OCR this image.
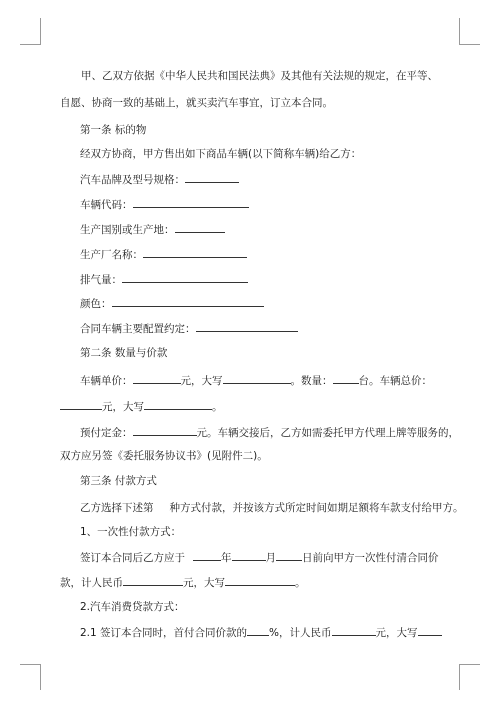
甲、乙双方依据《中华人民共和国民法典》及其他有关法规的规定，在平等、
自愿、协商一致的基础上，就买卖汽车事宜，订立本合同。
第一条 标的物
经双方协商，甲方售出如下商品车辆(以下简称车辆)给乙方：
汽车品牌及型号规格：
车辆代码：
生产国别或生产地：
生产厂名称：
排气量：
颜色：
合同车辆主要配置约定：
第二条 数量与价款
车辆单价：	元，大写	。数量： 台。车辆总价：
元，大写	。
预付定金：	元。车辆交接后，乙方如需委托甲方代理上牌等服务的，
双方应另签《委托服务协议书》(见附件二)。
第三条 付款方式
乙方选择下述第 种方式付款，并按该方式所定时间如期足额将车款支付给甲方。
1、一次性付款方式：
签订本合同后乙方应于	年	月 日前向甲方一次性付清合同价
款，计人民币	元，大写	。
2.汽车消费贷款方式：
2.1 签订本合同时，首付合同价款的 %，计人民币	元，大写
